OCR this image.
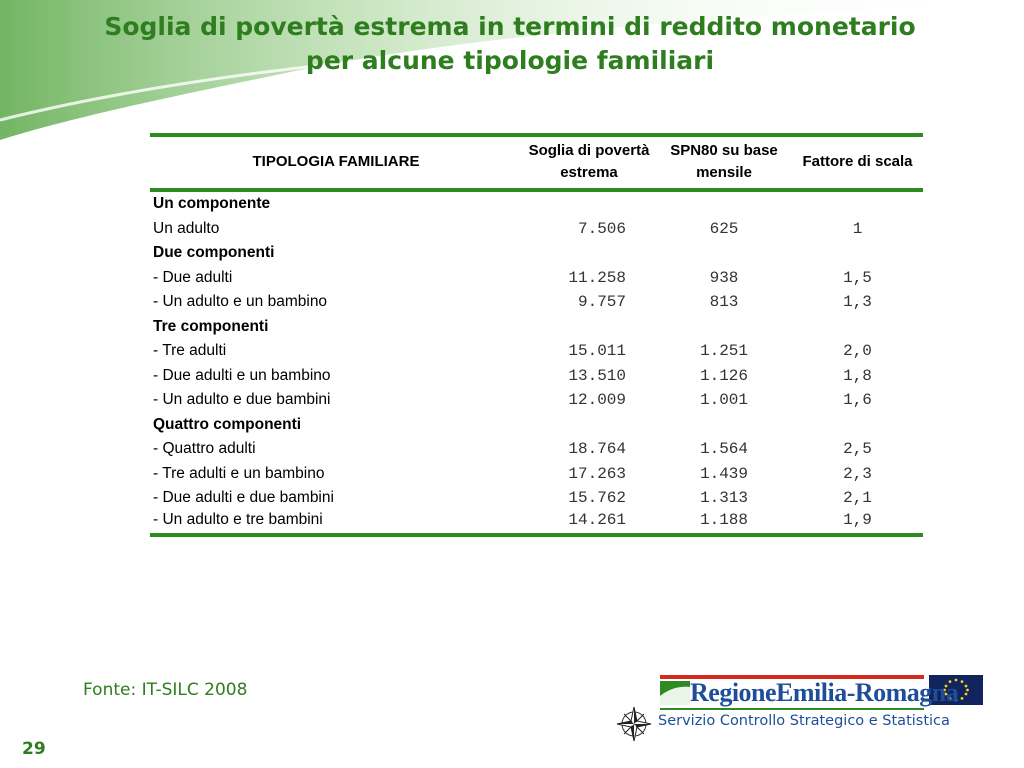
Soglia di povertà estrema in termini di reddito monetario
per alcune tipologie familiari
TIPOLOGIA FAMILIARE	Soglia di povertà estrema	SPN80 su base mensile	Fattore di scala
Un componente			
Un adulto	7.506	625	1
Due componenti			
- Due adulti	11.258	938	1,5
- Un adulto e un bambino	9.757	813	1,3
Tre componenti			
- Tre adulti	15.011	1.251	2,0
- Due adulti e un bambino	13.510	1.126	1,8
- Un adulto e due bambini	12.009	1.001	1,6
Quattro componenti			
- Quattro adulti	18.764	1.564	2,5
- Tre adulti e un bambino	17.263	1.439	2,3
- Due adulti e due bambini	15.762	1.313	2,1
- Un adulto e tre bambini	14.261	1.188	1,9
Fonte: IT-SILC 2008
29
RegioneEmilia-Romagna
Servizio Controllo Strategico e Statistica
